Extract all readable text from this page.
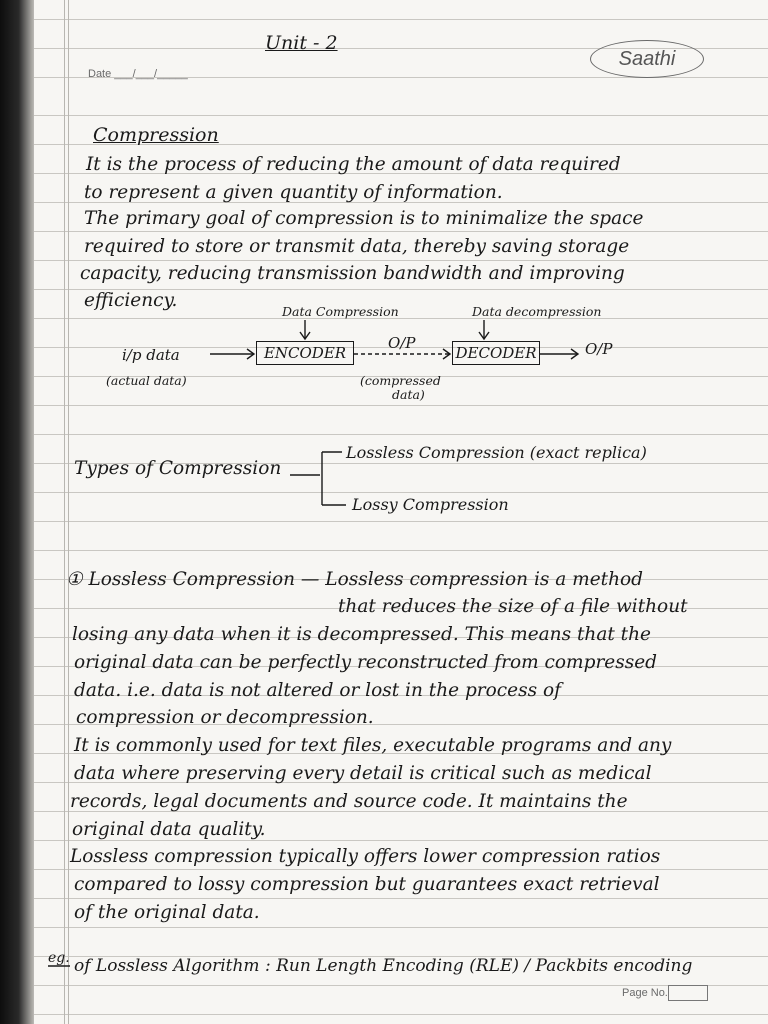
Unit - 2
Saathi
Date ___/___/_____
Compression
It is the process of reducing the amount of data required
to represent a given quantity of information.
The primary goal of compression is to minimalize the space
required to store or transmit data, thereby saving storage
capacity, reducing transmission bandwidth and improving
efficiency.
Data Compression	Data decompression
i/p data
(actual data)
ENCODER
O/P
(compressed
data)
DECODER	O/P
Types of Compression
Lossless Compression (exact replica)
Lossy Compression
① Lossless Compression — Lossless compression is a method
that reduces the size of a file without
losing any data when it is decompressed. This means that the
original data can be perfectly reconstructed from compressed
data. i.e. data is not altered or lost in the process of
compression or decompression.
It is commonly used for text files, executable programs and any
data where preserving every detail is critical such as medical
records, legal documents and source code. It maintains the
original data quality.
Lossless compression typically offers lower compression ratios
compared to lossy compression but guarantees exact retrieval
of the original data.
eg. of Lossless Algorithm : Run Length Encoding (RLE) / Packbits encoding
Page No.
